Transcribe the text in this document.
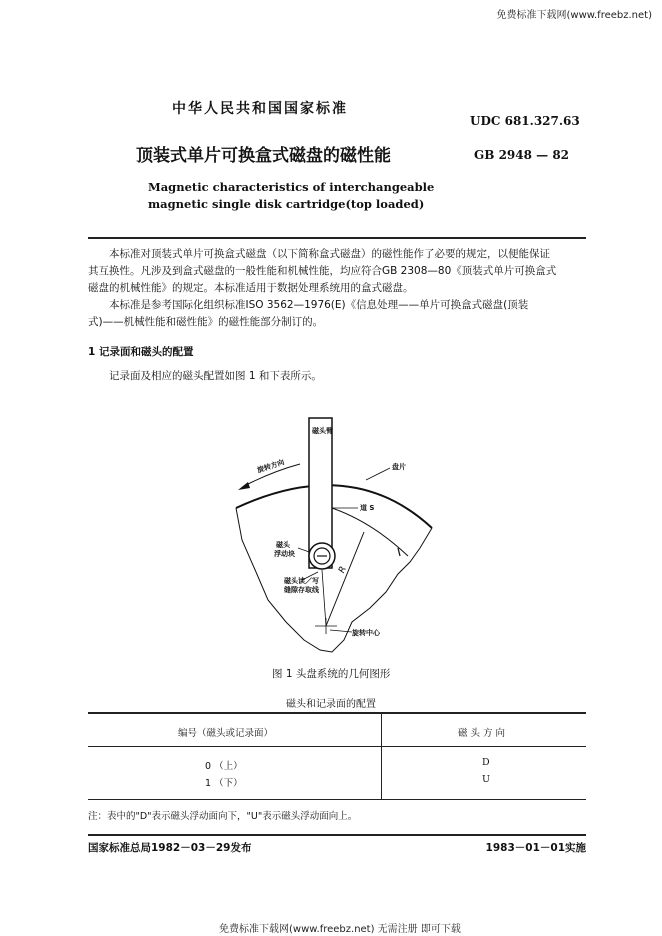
免费标准下载网(www.freebz.net)
中华人民共和国国家标准
UDC 681.327.63
顶装式单片可换盒式磁盘的磁性能	GB 2948 — 82
Magnetic characteristics of interchangeable
magnetic single disk cartridge(top loaded)
本标准对顶装式单片可换盒式磁盘（以下简称盒式磁盘）的磁性能作了必要的规定，以便能保证
其互换性。凡涉及到盒式磁盘的一般性能和机械性能，均应符合GB 2308—80《顶装式单片可换盒式
磁盘的机械性能》的规定。本标准适用于数据处理系统用的盒式磁盘。
本标准是参考国际化组织标准ISO 3562—1976(E)《信息处理——单片可换盒式磁盘(顶装
式)——机械性能和磁性能》的磁性能部分制订的。
1 记录面和磁头的配置
记录面及相应的磁头配置如图 1 和下表所示。
磁头臂
旋转方向	盘片
道 S
磁头
浮动块
磁头读／写
缝隙存取线
旋转中心
R
图 1 头盘系统的几何图形
磁头和记录面的配置
编号（磁头或记录面）	磁 头 方 向
0 （上）	D
1 （下）	U
注：表中的"D"表示磁头浮动面向下，"U"表示磁头浮动面向上。
国家标准总局1982－03－29发布	1983－01－01实施
免费标准下载网(www.freebz.net) 无需注册 即可下载
